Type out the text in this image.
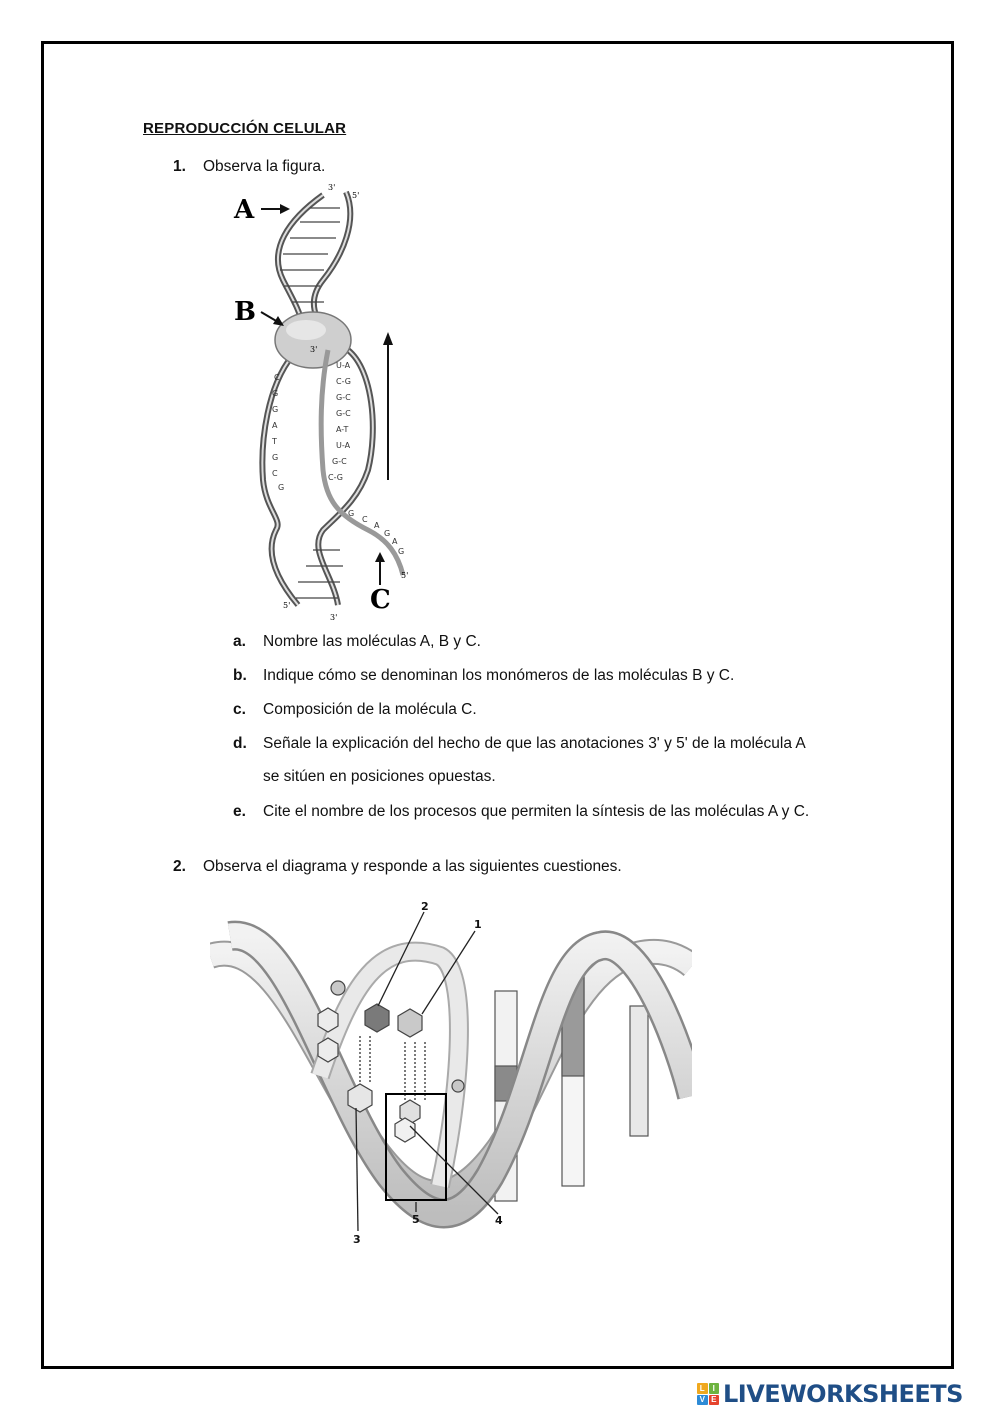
REPRODUCCIÓN CELULAR
1. Observa la figura.
C
G
G
A
T
G
C
G
U-A
C-G
G-C
G-C
A-T
U-A
G-C
C-G
G
C
A
G
A
G
A
B
C
3'
5'
5'
3'
3'
5'
a. Nombre las moléculas A, B y C.
b. Indique cómo se denominan los monómeros de las moléculas B y C.
c. Composición de la molécula C.
d. Señale la explicación del hecho de que las anotaciones 3' y 5' de la molécula A
se sitúen en posiciones opuestas.
e. Cite el nombre de los procesos que permiten la síntesis de las moléculas A y C.
2. Observa el diagrama y responde a las siguientes cuestiones.
2
1
3
4
5
L I
V E LIVEWORKSHEETS
